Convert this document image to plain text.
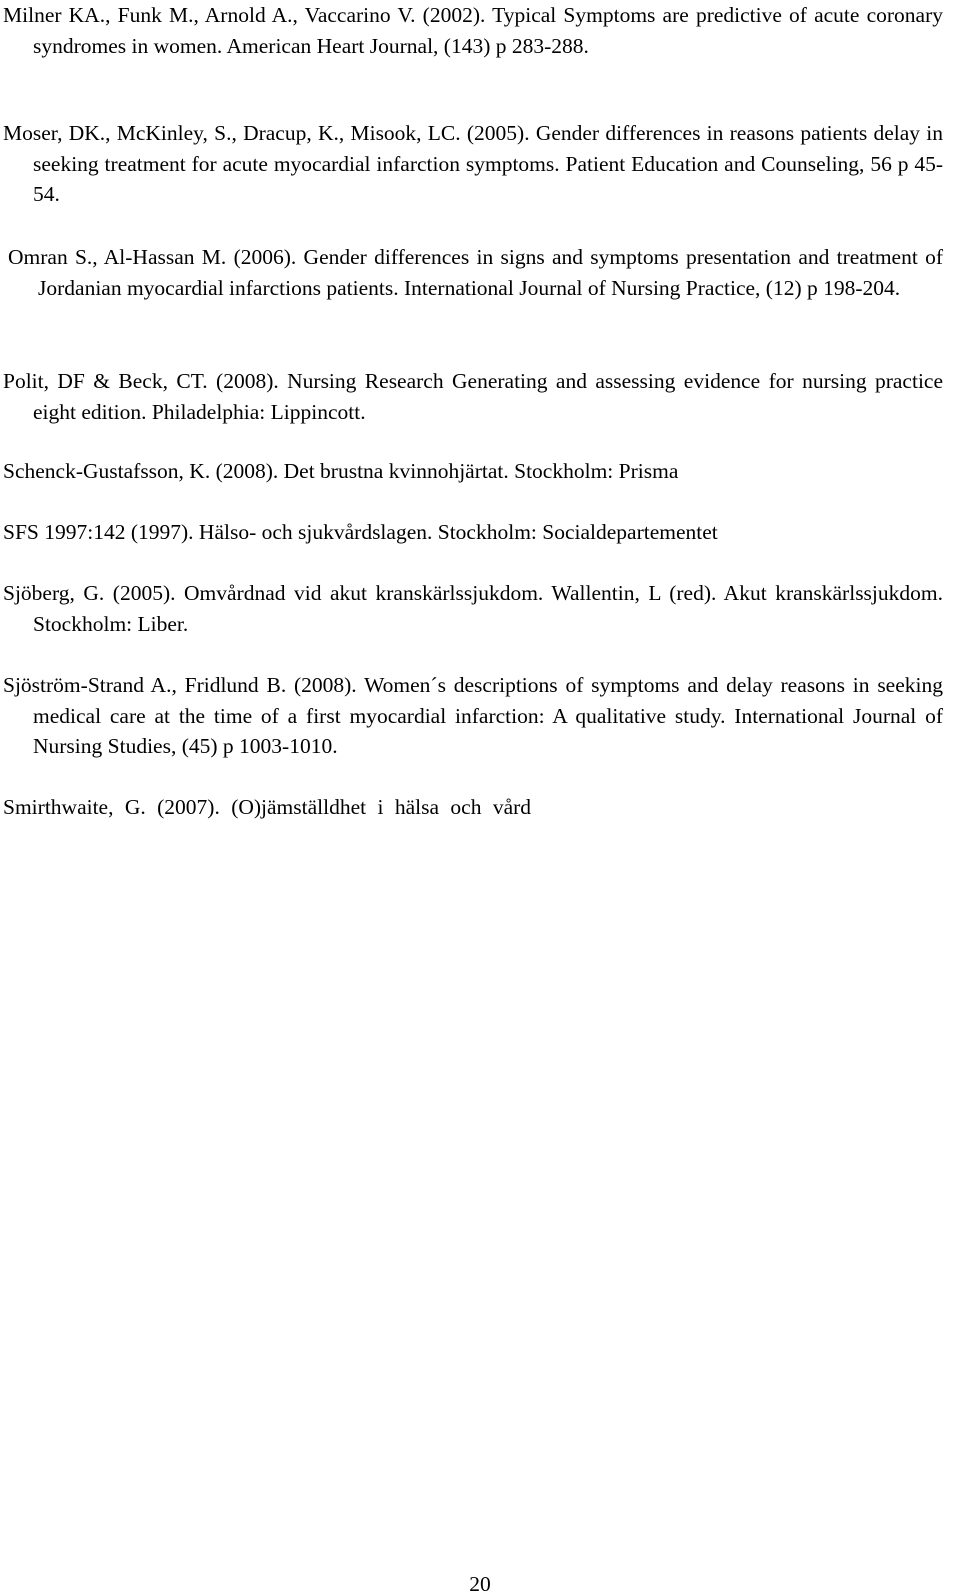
Milner KA., Funk M., Arnold A., Vaccarino V. (2002). Typical Symptoms are predictive of acute coronary syndromes in women. American Heart Journal, (143) p 283-288.

Moser, DK., McKinley, S., Dracup, K., Misook, LC. (2005). Gender differences in reasons patients delay in seeking treatment for acute myocardial infarction symptoms. Patient Education and Counseling, 56 p 45-54.

Omran S., Al-Hassan M. (2006). Gender differences in signs and symptoms presentation and treatment of Jordanian myocardial infarctions patients. International Journal of Nursing Practice, (12) p 198-204.

Polit, DF & Beck, CT. (2008). Nursing Research Generating and assessing evidence for nursing practice eight edition. Philadelphia: Lippincott.

Schenck-Gustafsson, K. (2008). Det brustna kvinnohjärtat. Stockholm: Prisma

SFS 1997:142 (1997). Hälso- och sjukvårdslagen. Stockholm: Socialdepartementet

Sjöberg, G. (2005). Omvårdnad vid akut kranskärlssjukdom. Wallentin, L (red). Akut kranskärlssjukdom. Stockholm: Liber.

Sjöström-Strand A., Fridlund B. (2008). Women´s descriptions of symptoms and delay reasons in seeking medical care at the time of a first myocardial infarction: A qualitative study. International Journal of Nursing Studies, (45) p 1003-1010.

Smirthwaite, G. (2007). (O)jämställdhet i hälsa och vård

20
